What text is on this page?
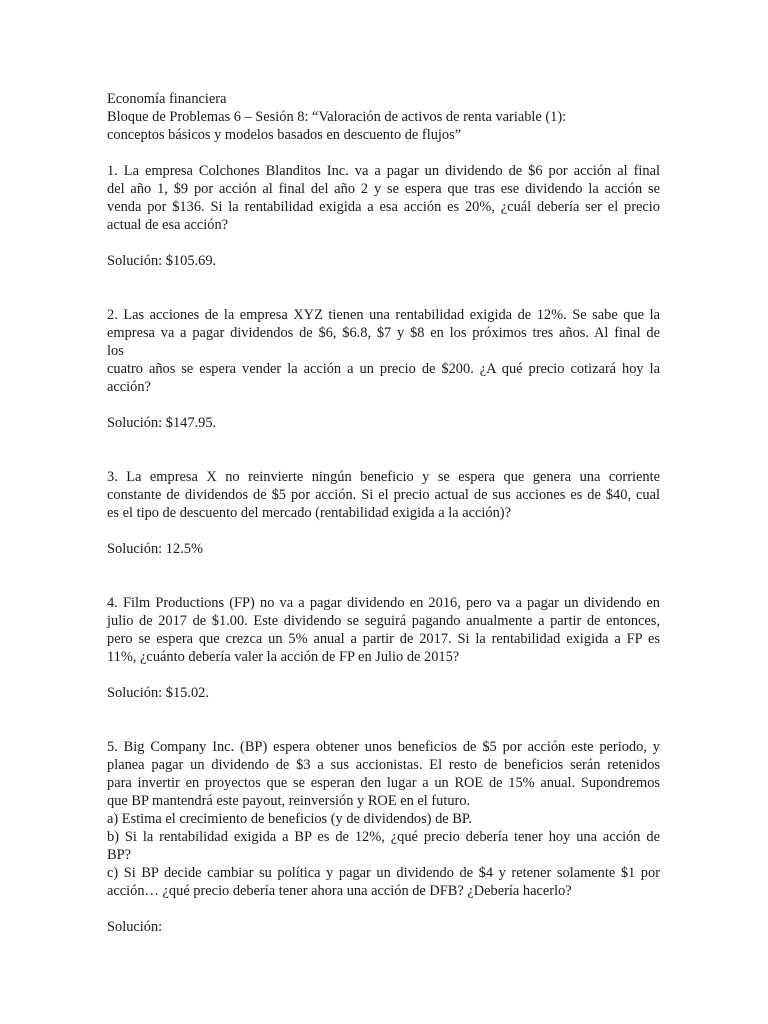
Economía financiera
Bloque de Problemas 6 – Sesión 8: “Valoración de activos de renta variable (1):
conceptos básicos y modelos basados en descuento de flujos”
1. La empresa Colchones Blanditos Inc. va a pagar un dividendo de $6 por acción al final
del año 1, $9 por acción al final del año 2 y se espera que tras ese dividendo la acción se
venda por $136. Si la rentabilidad exigida a esa acción es 20%, ¿cuál debería ser el precio
actual de esa acción?
Solución: $105.69.
2. Las acciones de la empresa XYZ tienen una rentabilidad exigida de 12%. Se sabe que la
empresa va a pagar dividendos de $6, $6.8, $7 y $8 en los próximos tres años. Al final de
los
cuatro años se espera vender la acción a un precio de $200. ¿A qué precio cotizará hoy la
acción?
Solución: $147.95.
3. La empresa X no reinvierte ningún beneficio y se espera que genera una corriente
constante de dividendos de $5 por acción. Si el precio actual de sus acciones es de $40, cual
es el tipo de descuento del mercado (rentabilidad exigida a la acción)?
Solución: 12.5%
4. Film Productions (FP) no va a pagar dividendo en 2016, pero va a pagar un dividendo en
julio de 2017 de $1.00. Este dividendo se seguirá pagando anualmente a partir de entonces,
pero se espera que crezca un 5% anual a partir de 2017. Si la rentabilidad exigida a FP es
11%, ¿cuánto debería valer la acción de FP en Julio de 2015?
Solución: $15.02.
5. Big Company Inc. (BP) espera obtener unos beneficios de $5 por acción este periodo, y
planea pagar un dividendo de $3 a sus accionistas. El resto de beneficios serán retenidos
para invertir en proyectos que se esperan den lugar a un ROE de 15% anual. Supondremos
que BP mantendrá este payout, reinversión y ROE en el futuro.
a) Estima el crecimiento de beneficios (y de dividendos) de BP.
b) Si la rentabilidad exigida a BP es de 12%, ¿qué precio debería tener hoy una acción de
BP?
c) Si BP decide cambiar su política y pagar un dividendo de $4 y retener solamente $1 por
acción… ¿qué precio debería tener ahora una acción de DFB? ¿Debería hacerlo?
Solución:
